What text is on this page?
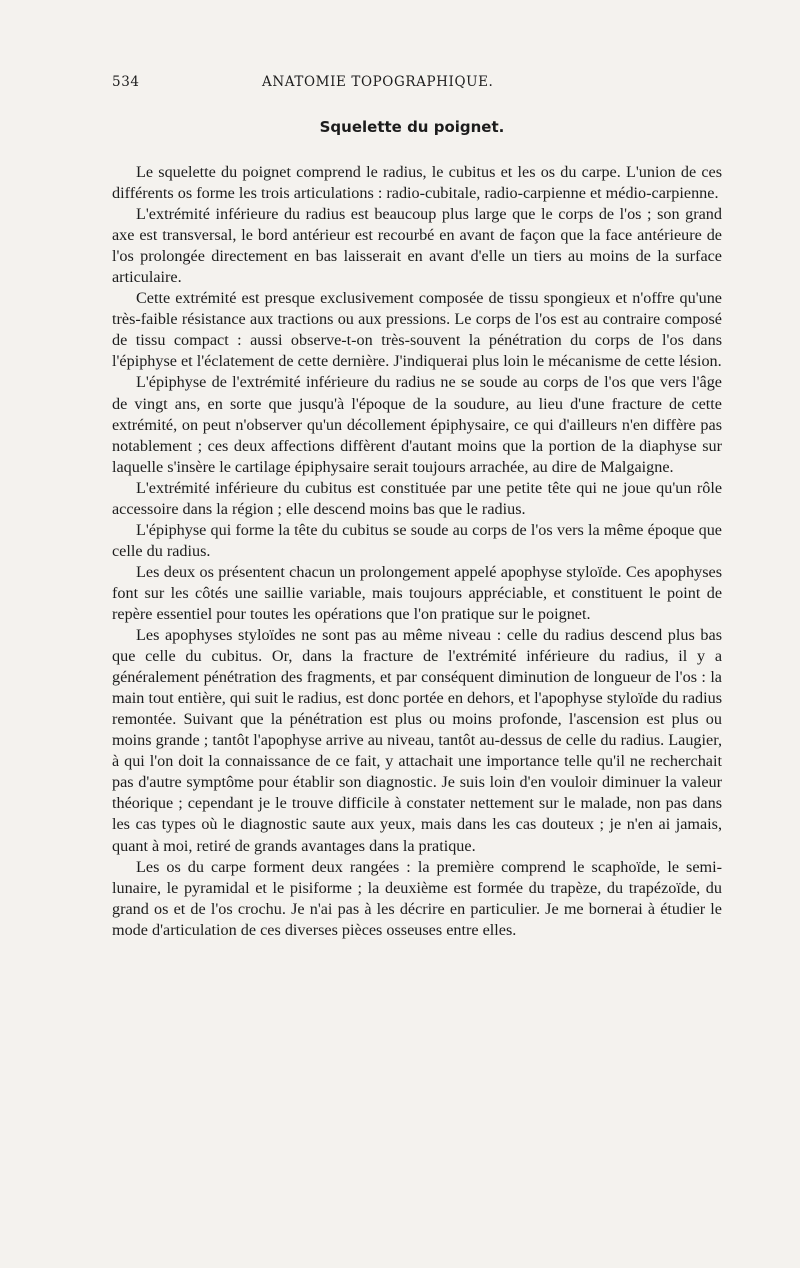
534	ANATOMIE TOPOGRAPHIQUE.
Squelette du poignet.

Le squelette du poignet comprend le radius, le cubitus et les os du carpe. L'union de ces différents os forme les trois articulations : radio-cubitale, radio-carpienne et médio-carpienne.

L'extrémité inférieure du radius est beaucoup plus large que le corps de l'os ; son grand axe est transversal, le bord antérieur est recourbé en avant de façon que la face antérieure de l'os prolongée directement en bas laisserait en avant d'elle un tiers au moins de la surface articulaire.

Cette extrémité est presque exclusivement composée de tissu spongieux et n'offre qu'une très-faible résistance aux tractions ou aux pressions. Le corps de l'os est au contraire composé de tissu compact : aussi observe-t-on très-souvent la pénétration du corps de l'os dans l'épiphyse et l'éclatement de cette dernière. J'indiquerai plus loin le mécanisme de cette lésion.

L'épiphyse de l'extrémité inférieure du radius ne se soude au corps de l'os que vers l'âge de vingt ans, en sorte que jusqu'à l'époque de la soudure, au lieu d'une fracture de cette extrémité, on peut n'observer qu'un décollement épiphysaire, ce qui d'ailleurs n'en diffère pas notablement ; ces deux affections diffèrent d'autant moins que la portion de la diaphyse sur laquelle s'insère le cartilage épiphysaire serait toujours arrachée, au dire de Malgaigne.

L'extrémité inférieure du cubitus est constituée par une petite tête qui ne joue qu'un rôle accessoire dans la région ; elle descend moins bas que le radius.

L'épiphyse qui forme la tête du cubitus se soude au corps de l'os vers la même époque que celle du radius.

Les deux os présentent chacun un prolongement appelé apophyse styloïde. Ces apophyses font sur les côtés une saillie variable, mais toujours appréciable, et constituent le point de repère essentiel pour toutes les opérations que l'on pratique sur le poignet.

Les apophyses styloïdes ne sont pas au même niveau : celle du radius descend plus bas que celle du cubitus. Or, dans la fracture de l'extrémité inférieure du radius, il y a généralement pénétration des fragments, et par conséquent diminution de longueur de l'os : la main tout entière, qui suit le radius, est donc portée en dehors, et l'apophyse styloïde du radius remontée. Suivant que la pénétration est plus ou moins profonde, l'ascension est plus ou moins grande ; tantôt l'apophyse arrive au niveau, tantôt au-dessus de celle du radius. Laugier, à qui l'on doit la connaissance de ce fait, y attachait une importance telle qu'il ne recherchait pas d'autre symptôme pour établir son diagnostic. Je suis loin d'en vouloir diminuer la valeur théorique ; cependant je le trouve difficile à constater nettement sur le malade, non pas dans les cas types où le diagnostic saute aux yeux, mais dans les cas douteux ; je n'en ai jamais, quant à moi, retiré de grands avantages dans la pratique.

Les os du carpe forment deux rangées : la première comprend le scaphoïde, le semi-lunaire, le pyramidal et le pisiforme ; la deuxième est formée du trapèze, du trapézoïde, du grand os et de l'os crochu. Je n'ai pas à les décrire en particulier. Je me bornerai à étudier le mode d'articulation de ces diverses pièces osseuses entre elles.
